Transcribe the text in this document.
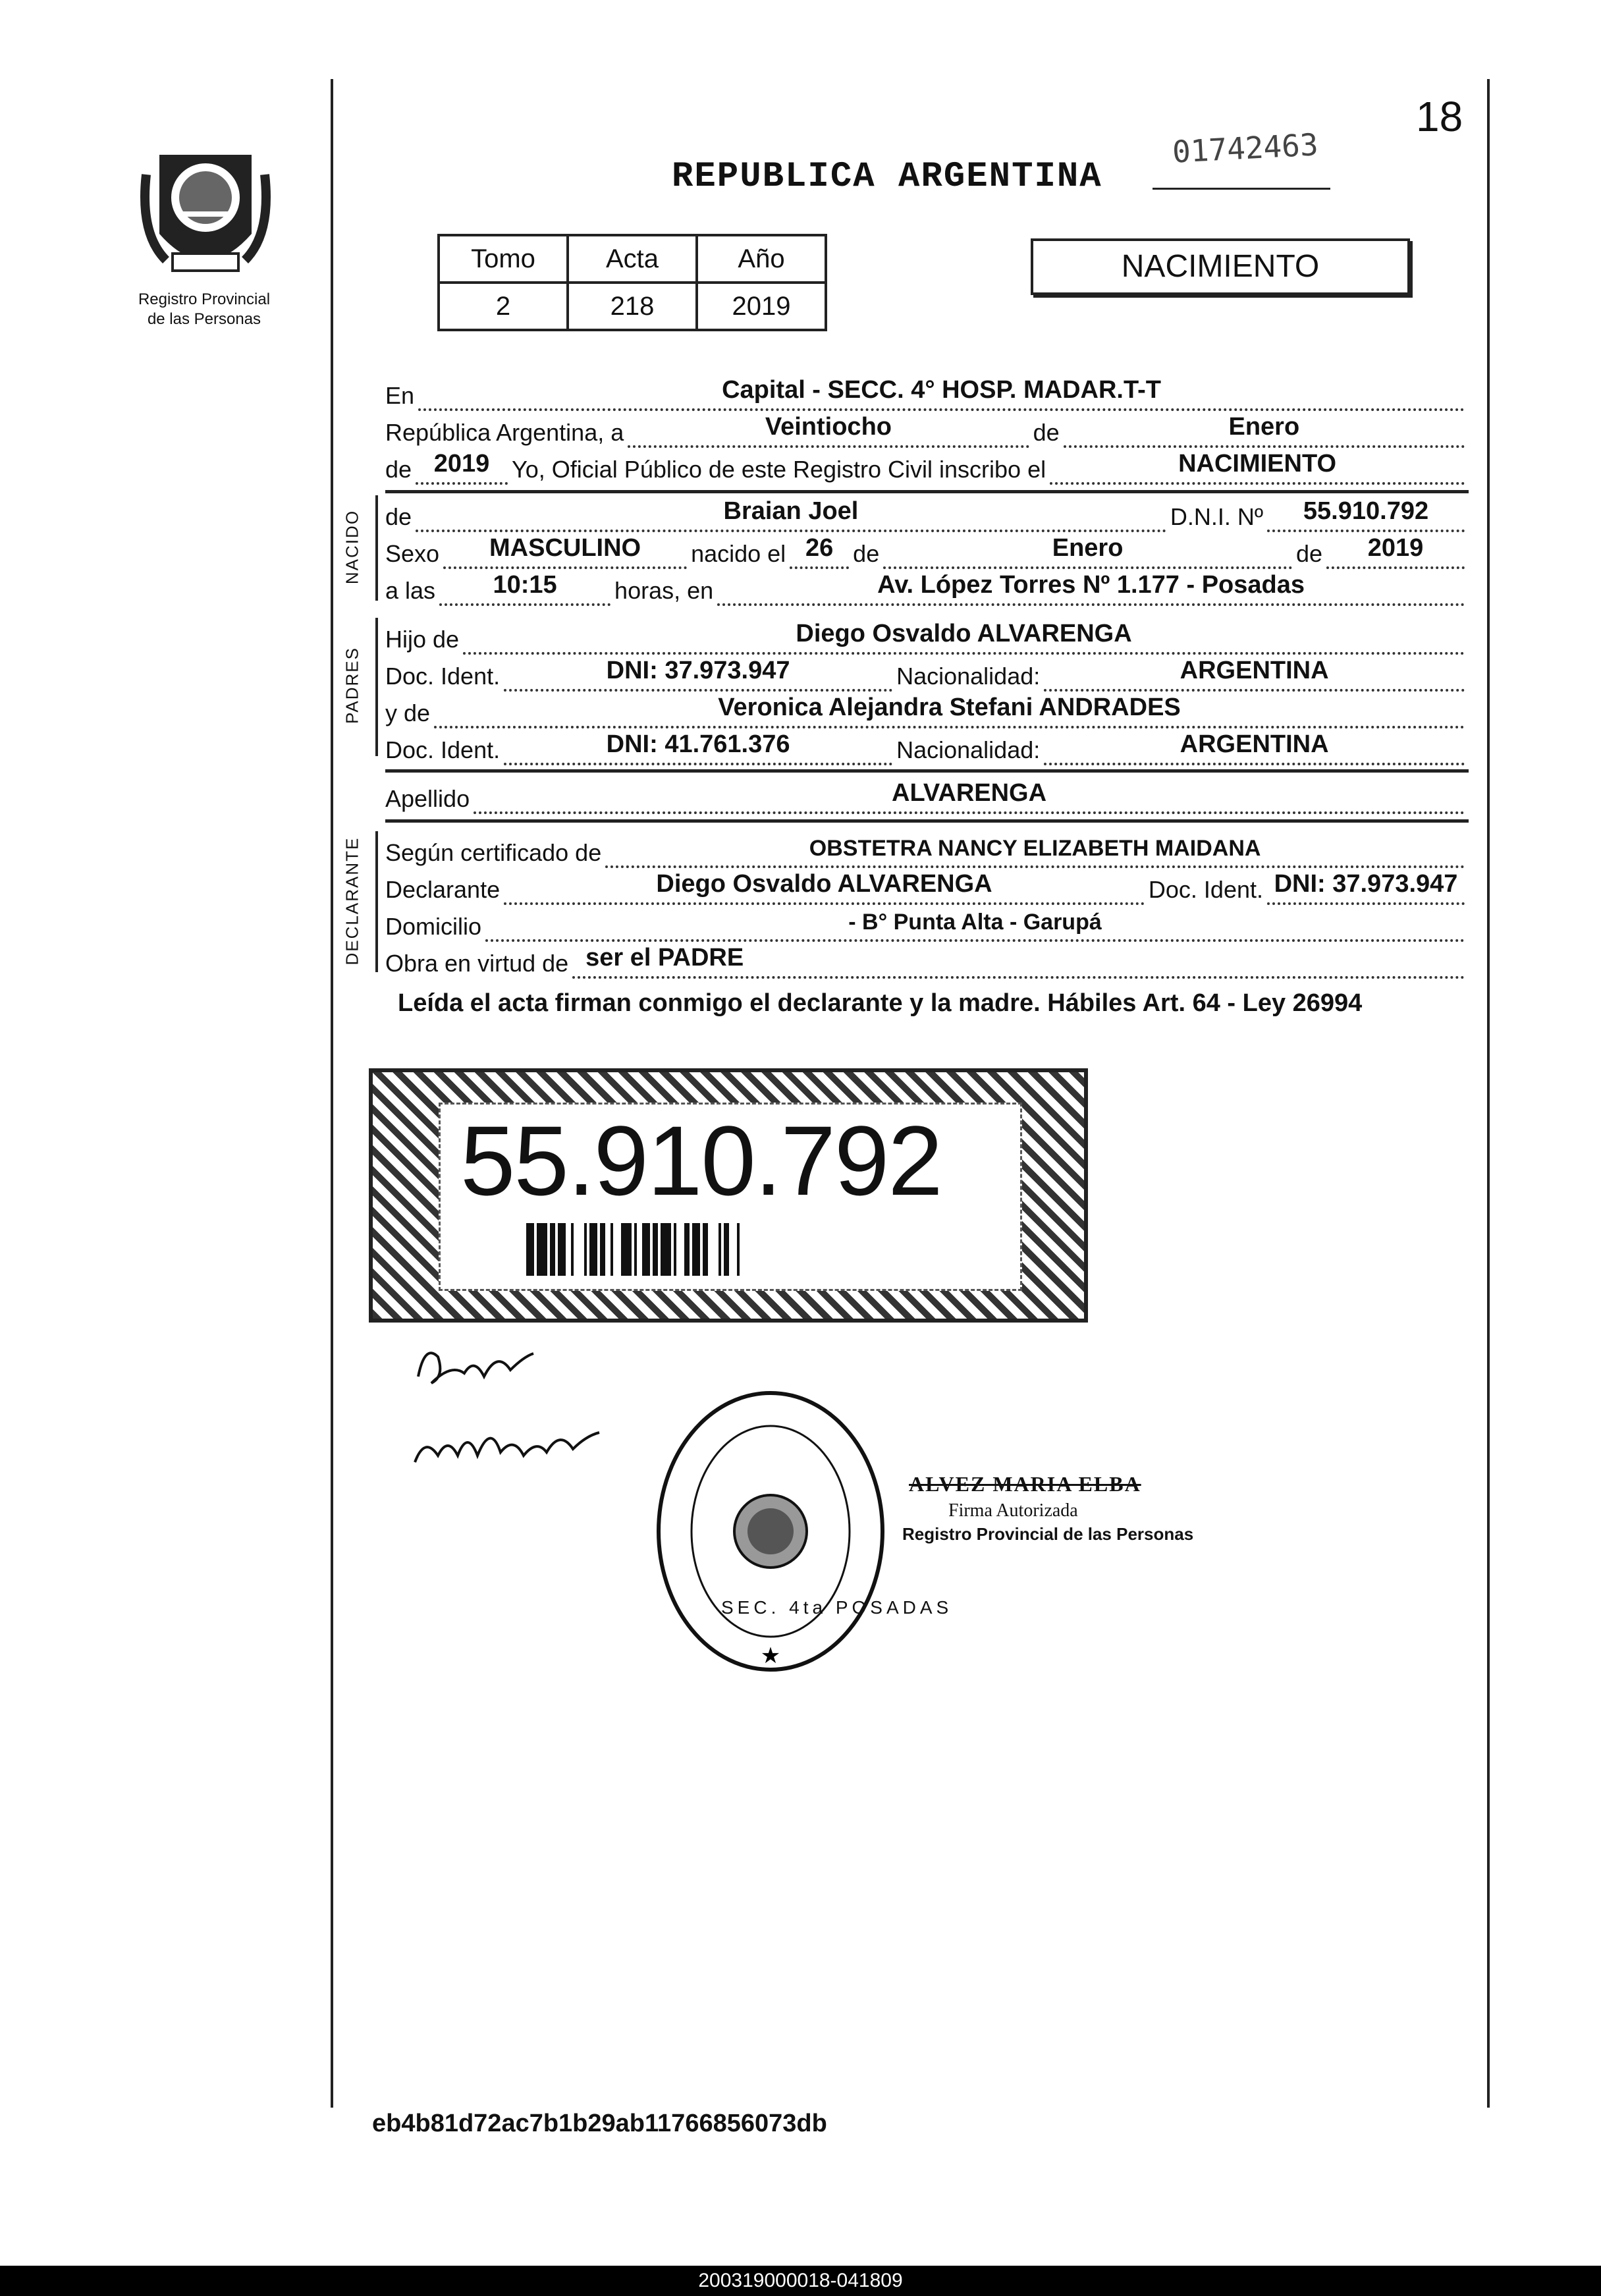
Registro Provincial
de las Personas
REPUBLICA ARGENTINA
01742463
18
Tomo	Acta	Año
2	218	2019
NACIMIENTO
En	Capital - SECC. 4° HOSP. MADAR.T-T
República Argentina, a	Veintiocho	de	Enero
de 2019 Yo, Oficial Público de este Registro Civil inscribo el	NACIMIENTO
NACIDO de	Braian Joel	D.N.I. Nº	55.910.792
Sexo	MASCULINO	nacido el 26 de	Enero	de	2019
a las	10:15	horas, en	Av. López Torres Nº 1.177 - Posadas
PADRES
Hijo de	Diego Osvaldo ALVARENGA
Doc. Ident.	DNI: 37.973.947	Nacionalidad:	ARGENTINA
y de	Veronica Alejandra Stefani ANDRADES
Doc. Ident.	DNI: 41.761.376	Nacionalidad:	ARGENTINA
Apellido	ALVARENGA
DECLARANTE Según certificado de	OBSTETRA NANCY ELIZABETH MAIDANA
Declarante	Diego Osvaldo ALVARENGA	Doc. Ident. DNI: 37.973.947
Domicilio	- B° Punta Alta - Garupá
Obra en virtud de ser el PADRE
Leída el acta firman conmigo el declarante y la madre. Hábiles Art. 64 - Ley 26994
55.910.792
★
SEC. 4ta POSADAS
ALVEZ MARIA ELBA
Firma Autorizada
Registro Provincial de las Personas
eb4b81d72ac7b1b29ab11766856073db
200319000018-041809
